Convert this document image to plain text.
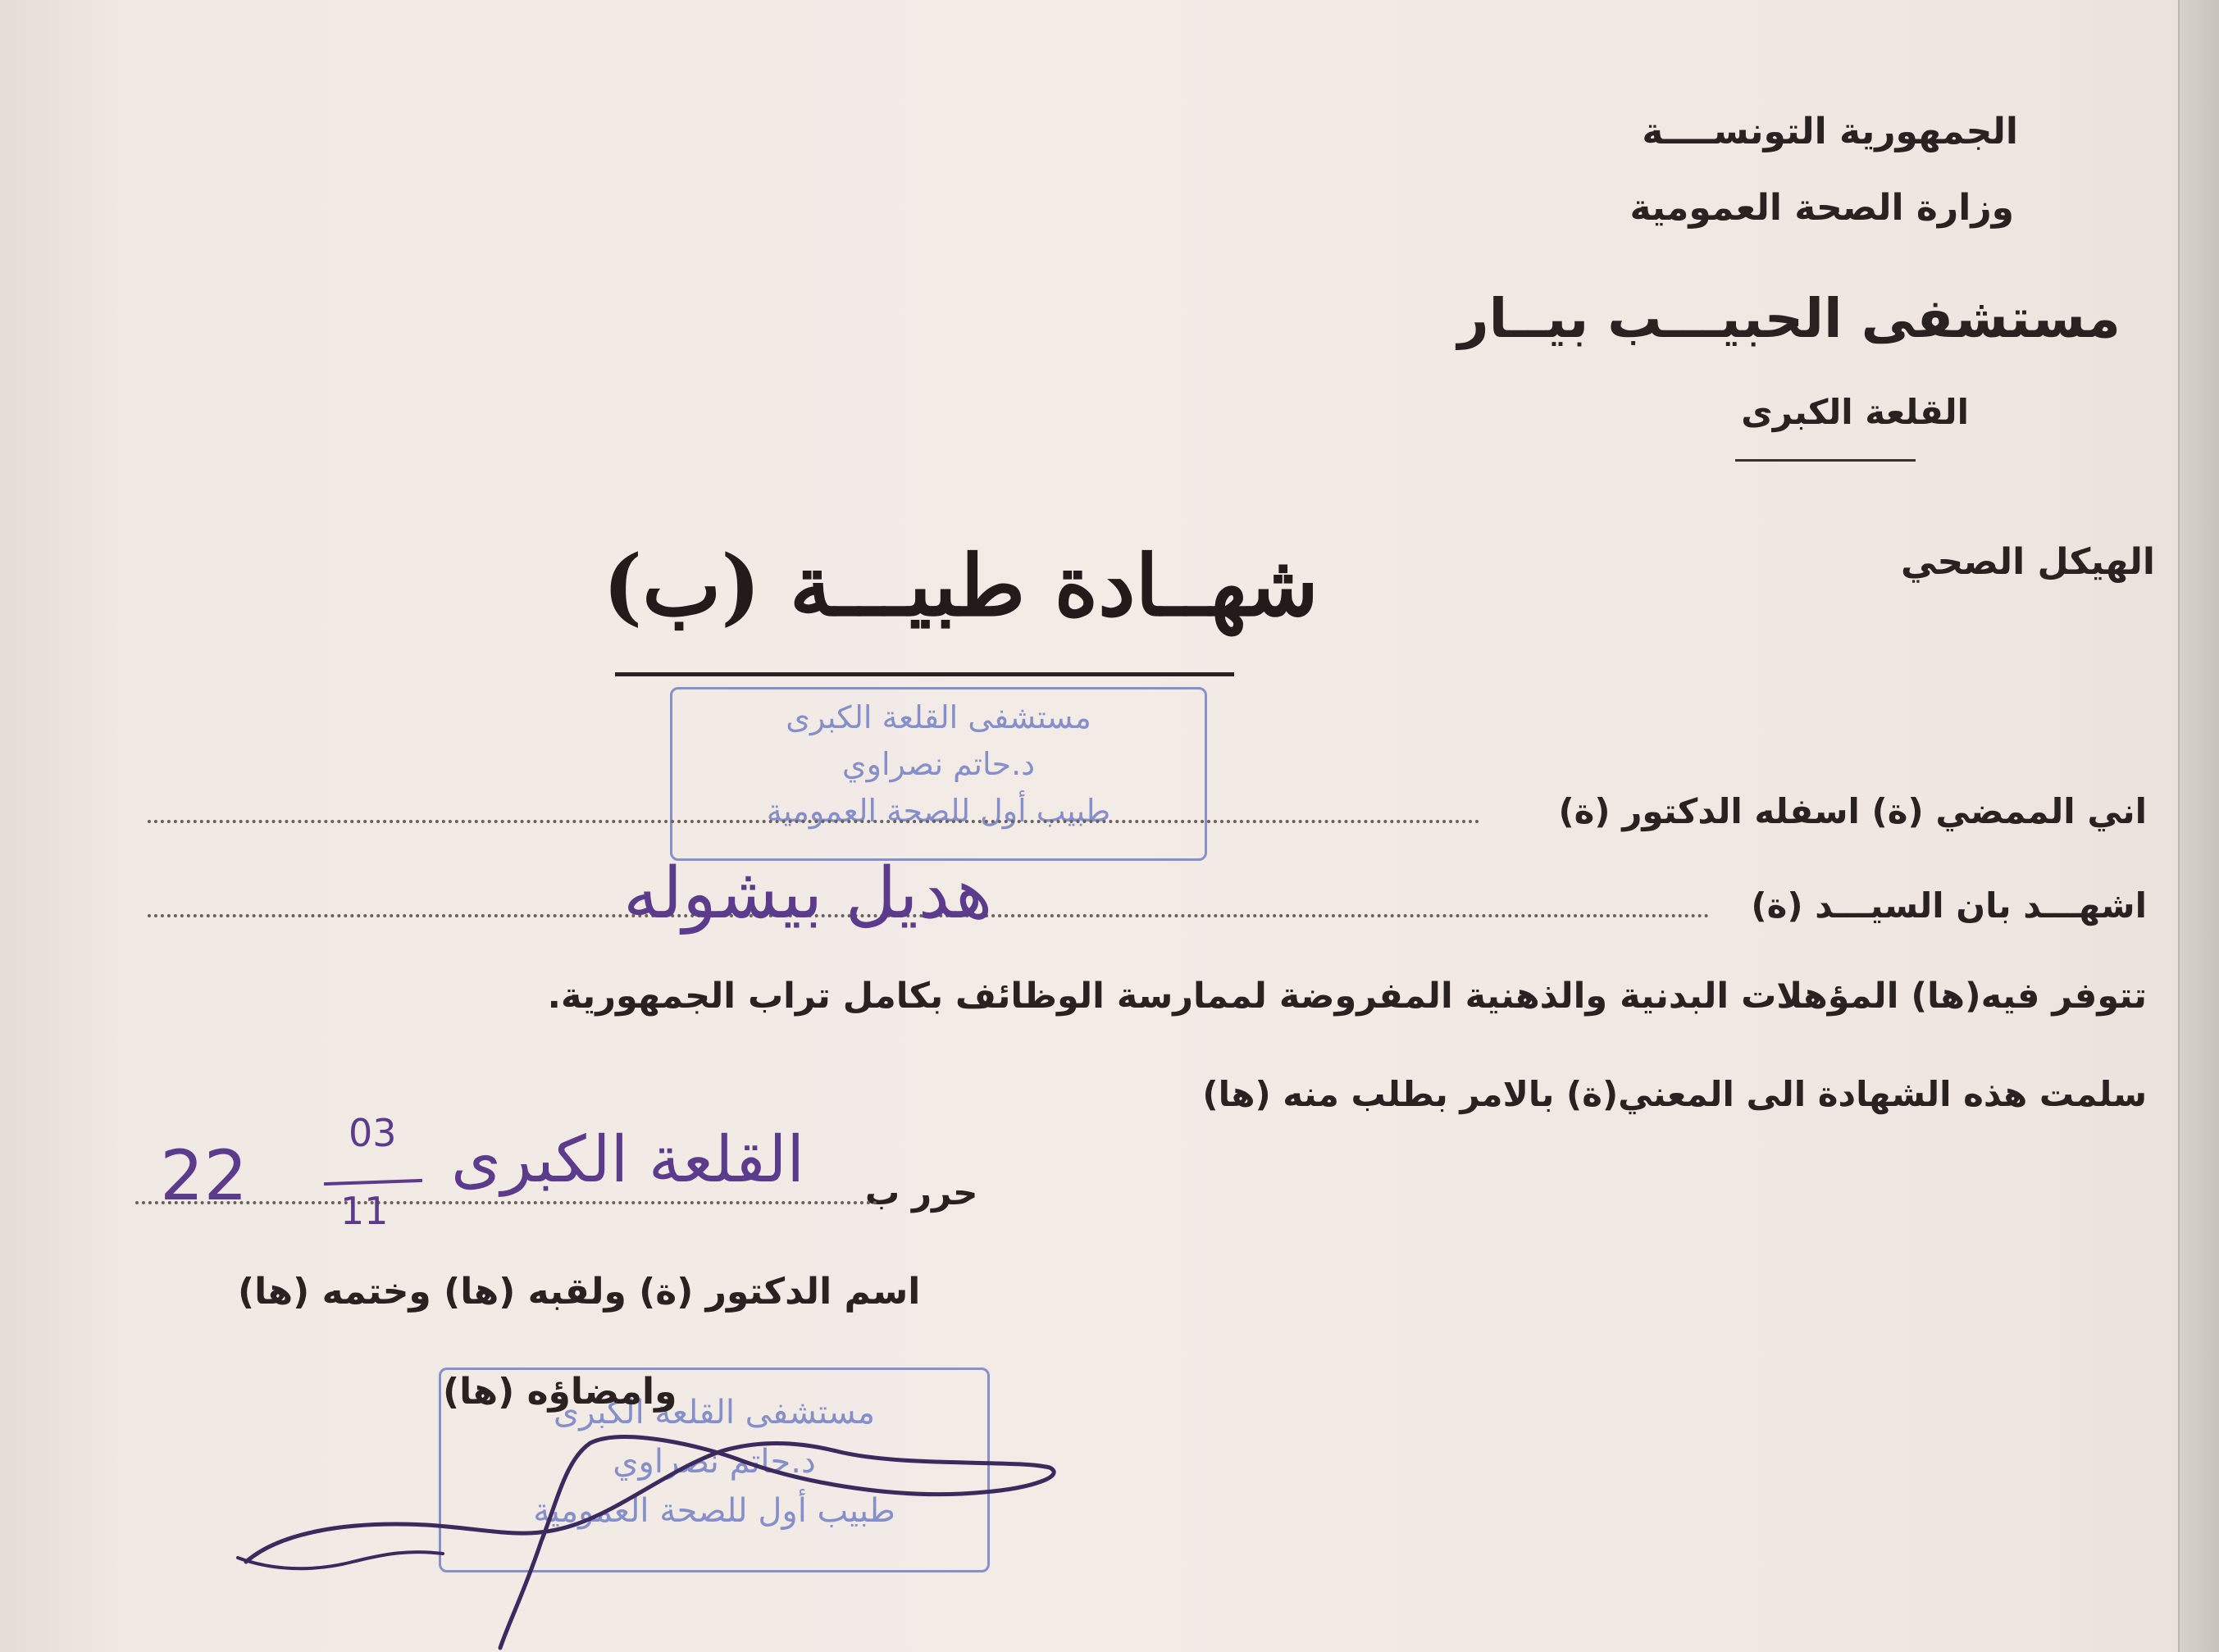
الجمهورية التونســــة
وزارة الصحة العمومية
مستشفى الحبيـــب بيــار
القلعة الكبرى
الهيكل الصحي
شهــادة طبيـــة (ب)
مستشفى القلعة الكبرى
د.حاتم نصراوي
طبيب أول للصحة العمومية	اني الممضي (ة) اسفله الدكتور (ة)
اشهـــد بان السيـــد (ة)
هديل بيشوله
تتوفر فيه(ها) المؤهلات البدنية والذهنية المفروضة لممارسة الوظائف بكامل تراب الجمهورية.
سلمت هذه الشهادة الى المعني(ة) بالامر بطلب منه (ها)
حرر ب
القلعة الكبرى
22
03
11
اسم الدكتور (ة) ولقبه (ها) وختمه (ها)
مستشفى القلعة الكبرى
د.حاتم نصراوي
طبيب أول للصحة العمومية
وامضاؤه (ها)
